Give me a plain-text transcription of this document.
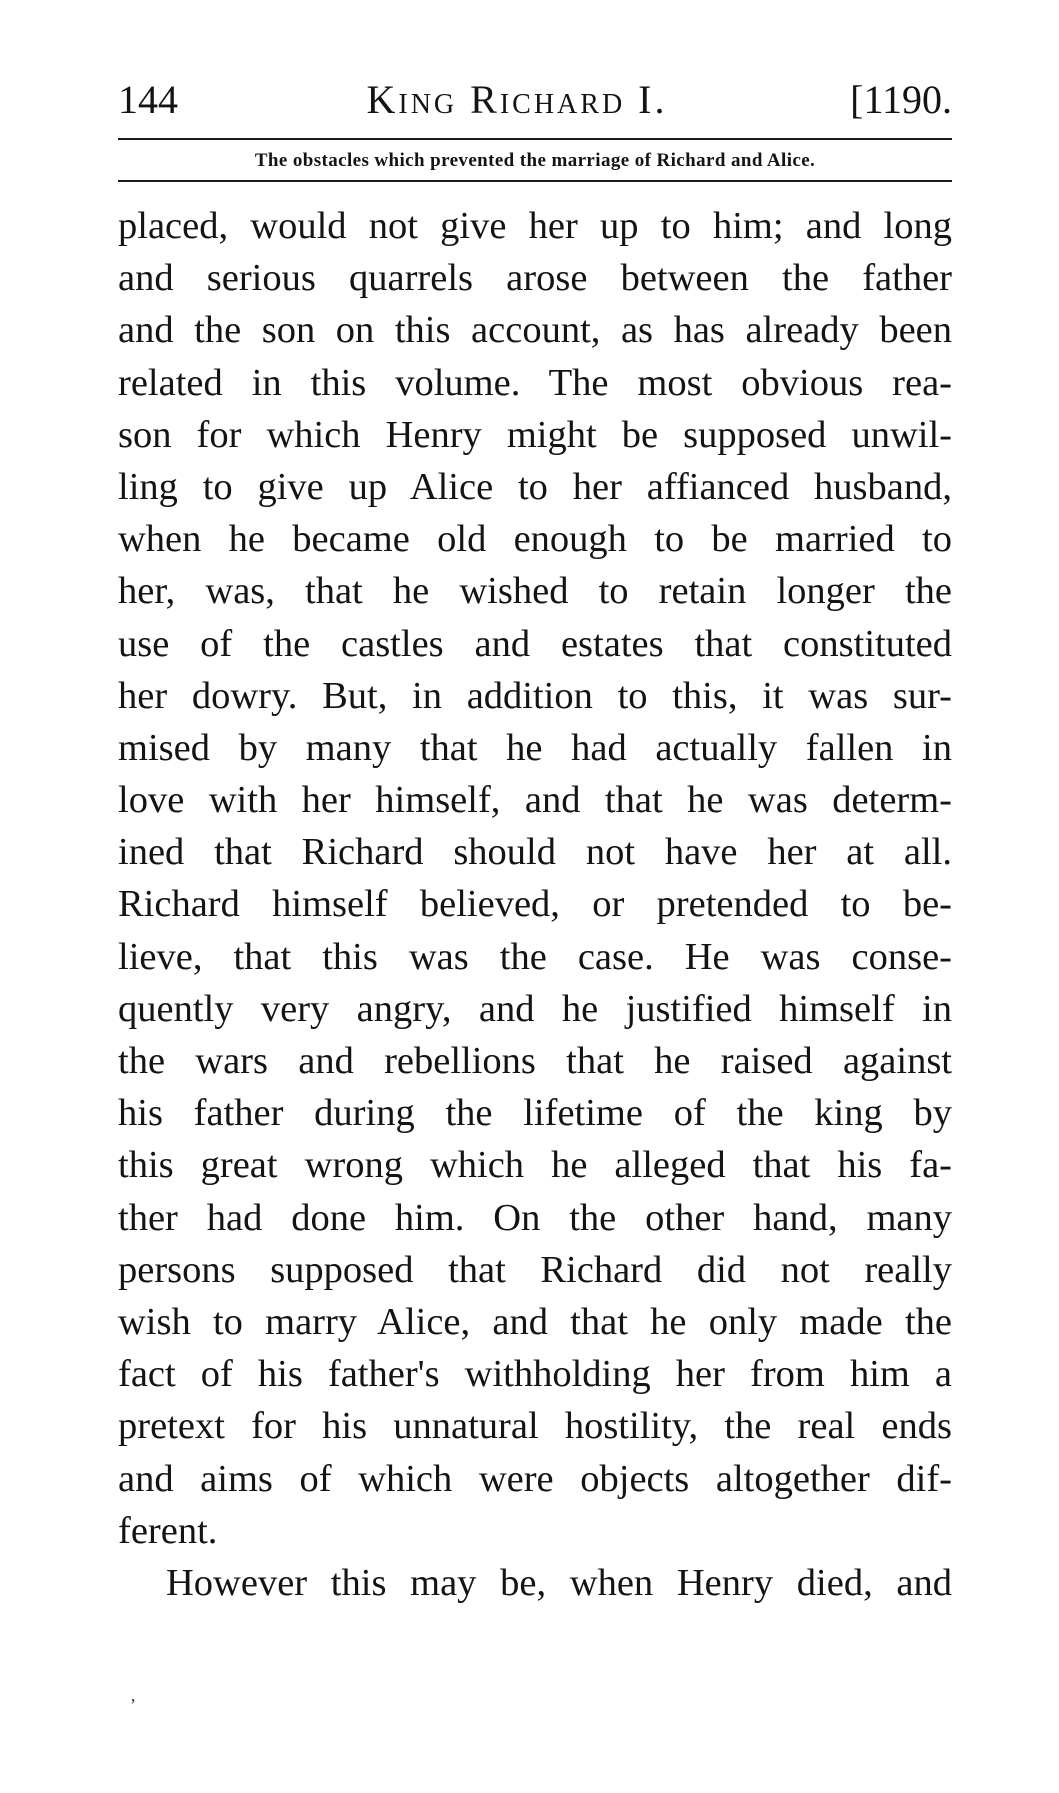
144	King Richard I.	[1190.
The obstacles which prevented the marriage of Richard and Alice.
placed, would not give her up to him; and long
and serious quarrels arose between the father
and the son on this account, as has already been
related in this volume. The most obvious rea-
son for which Henry might be supposed unwil-
ling to give up Alice to her affianced husband,
when he became old enough to be married to
her, was, that he wished to retain longer the
use of the castles and estates that constituted
her dowry. But, in addition to this, it was sur-
mised by many that he had actually fallen in
love with her himself, and that he was determ-
ined that Richard should not have her at all.
Richard himself believed, or pretended to be-
lieve, that this was the case. He was conse-
quently very angry, and he justified himself in
the wars and rebellions that he raised against
his father during the lifetime of the king by
this great wrong which he alleged that his fa-
ther had done him. On the other hand, many
persons supposed that Richard did not really
wish to marry Alice, and that he only made the
fact of his father's withholding her from him a
pretext for his unnatural hostility, the real ends
and aims of which were objects altogether dif-
ferent.
However this may be, when Henry died, and
’
